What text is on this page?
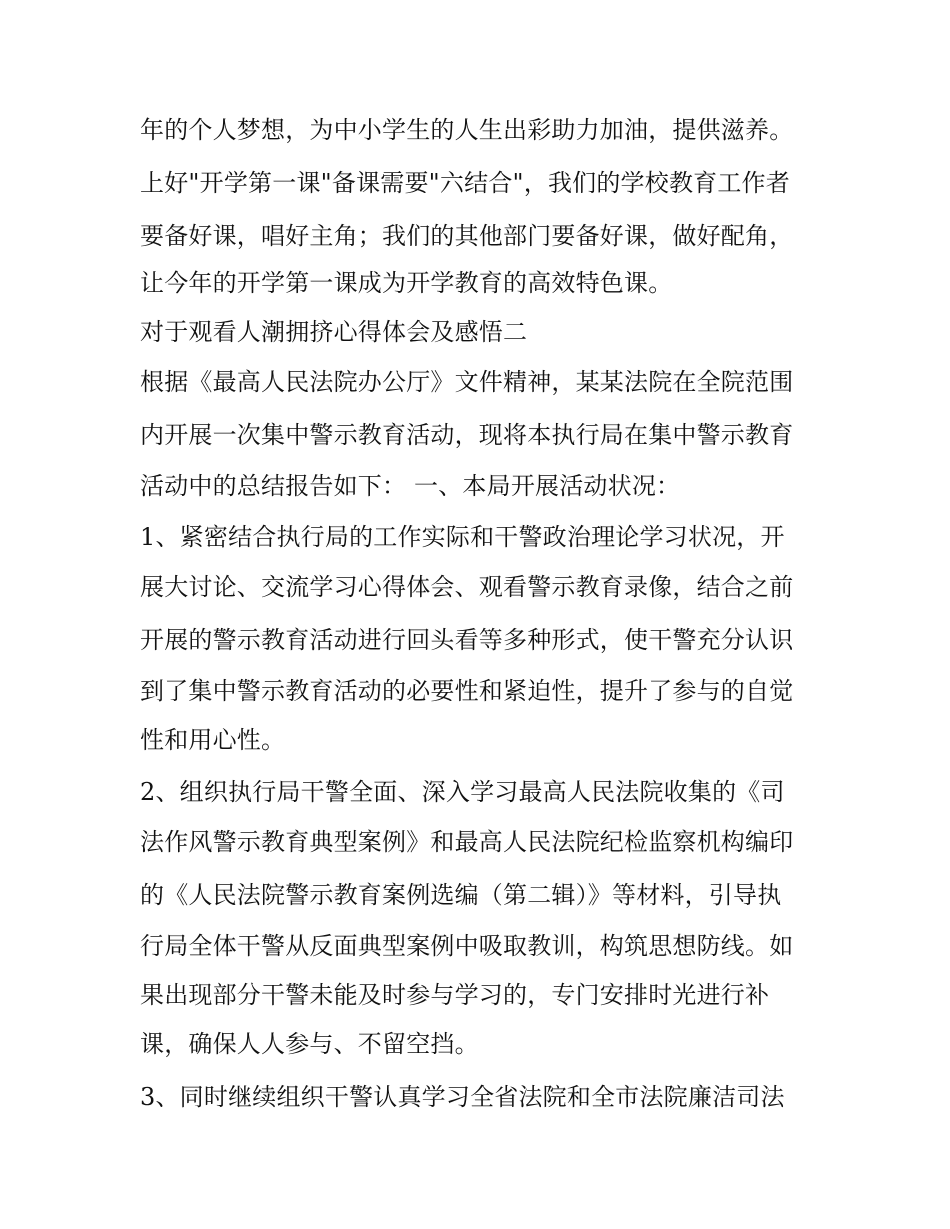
年的个人梦想，为中小学生的人生出彩助力加油，提供滋养。
上好"开学第一课"备课需要"六结合"，我们的学校教育工作者
要备好课，唱好主角；我们的其他部门要备好课，做好配角，
让今年的开学第一课成为开学教育的高效特色课。
对于观看人潮拥挤心得体会及感悟二
根据《最高人民法院办公厅》文件精神，某某法院在全院范围
内开展一次集中警示教育活动，现将本执行局在集中警示教育
活动中的总结报告如下： 一、本局开展活动状况：
1、紧密结合执行局的工作实际和干警政治理论学习状况，开
展大讨论、交流学习心得体会、观看警示教育录像，结合之前
开展的警示教育活动进行回头看等多种形式，使干警充分认识
到了集中警示教育活动的必要性和紧迫性，提升了参与的自觉
性和用心性。
2、组织执行局干警全面、深入学习最高人民法院收集的《司
法作风警示教育典型案例》和最高人民法院纪检监察机构编印
的《人民法院警示教育案例选编（第二辑）》等材料，引导执
行局全体干警从反面典型案例中吸取教训，构筑思想防线。如
果出现部分干警未能及时参与学习的，专门安排时光进行补
课，确保人人参与、不留空挡。
3、同时继续组织干警认真学习全省法院和全市法院廉洁司法
